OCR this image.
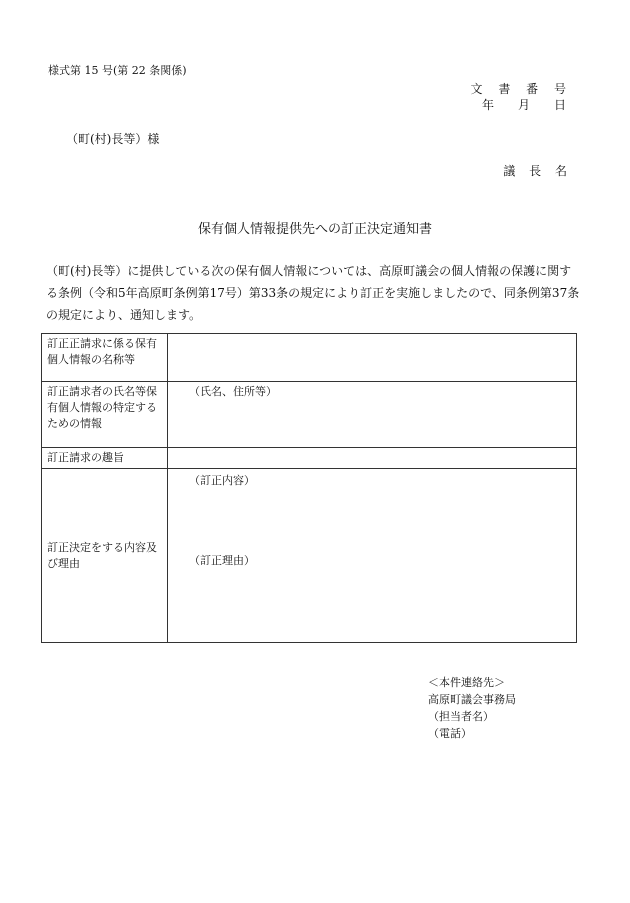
様式第 15 号(第 22 条関係)
文 書 番 号
年　月　日
（町(村)長等）様
議 長 名
保有個人情報提供先への訂正決定通知書
（町(村)長等）に提供している次の保有個人情報については、高原町議会の個人情報の保護に関する条例（令和5年高原町条例第17号）第33条の規定により訂正を実施しましたので、同条例第37条の規定により、通知します。
訂正正請求に係る保有個人情報の名称等	
訂正請求者の氏名等保有個人情報の特定するための情報	（氏名、住所等）

訂正請求の趣旨	
訂正決定をする内容及び理由	（訂正内容）
（訂正理由）
＜本件連絡先＞
高原町議会事務局
（担当者名）
（電話）
